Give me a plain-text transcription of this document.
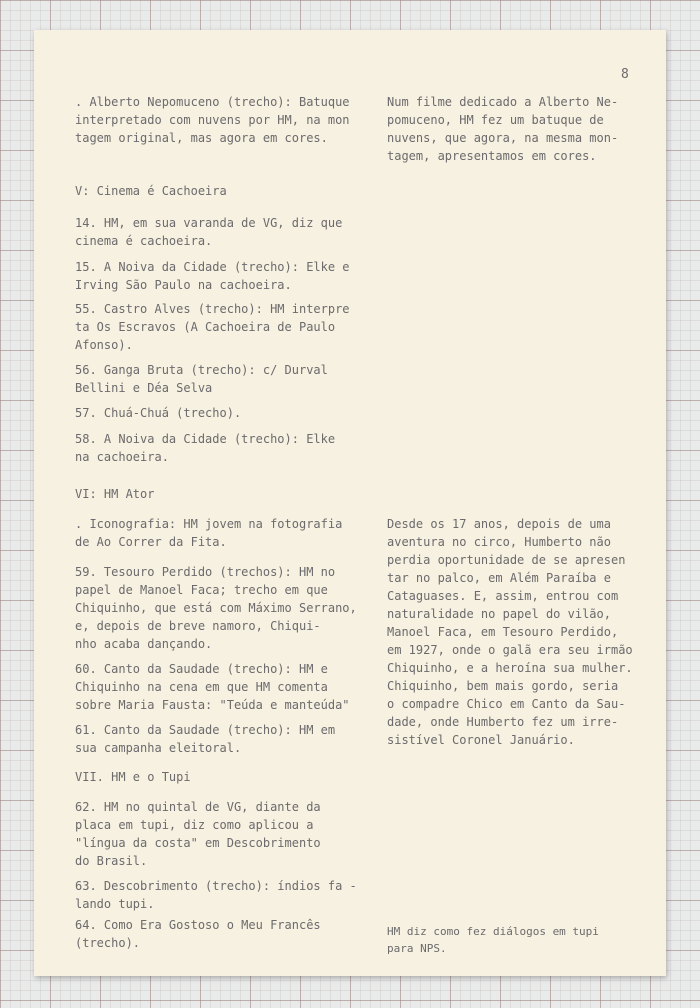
8
. Alberto Nepomuceno (trecho): Batuque
interpretado com nuvens por HM, na mon
tagem original, mas agora em cores.
Num filme dedicado a Alberto Ne-
pomuceno, HM fez um batuque de
nuvens, que agora, na mesma mon-
tagem, apresentamos em cores.
V: Cinema é Cachoeira
14. HM, em sua varanda de VG, diz que
cinema é cachoeira.
15. A Noiva da Cidade (trecho): Elke e
Irving São Paulo na cachoeira.
55. Castro Alves (trecho): HM interpre
ta Os Escravos (A Cachoeira de Paulo
Afonso).
56. Ganga Bruta (trecho): c/ Durval
Bellini e Déa Selva
57. Chuá-Chuá (trecho).
58. A Noiva da Cidade (trecho): Elke
na cachoeira.
VI: HM Ator
. Iconografia: HM jovem na fotografia
de Ao Correr da Fita.
Desde os 17 anos, depois de uma
aventura no circo, Humberto não
perdia oportunidade de se apresen
tar no palco, em Além Paraíba e
Cataguases. E, assim, entrou com
naturalidade no papel do vilão,
Manoel Faca, em Tesouro Perdido,
em 1927, onde o galã era seu irmão
Chiquinho, e a heroína sua mulher.
Chiquinho, bem mais gordo, seria
o compadre Chico em Canto da Sau-
dade, onde Humberto fez um irre-
sistível Coronel Januário.
59. Tesouro Perdido (trechos): HM no
papel de Manoel Faca; trecho em que
Chiquinho, que está com Máximo Serrano,
e, depois de breve namoro, Chiqui-
nho acaba dançando.
60. Canto da Saudade (trecho): HM e
Chiquinho na cena em que HM comenta
sobre Maria Fausta: "Teúda e manteúda"
61. Canto da Saudade (trecho): HM em
sua campanha eleitoral.
VII. HM e o Tupi
62. HM no quintal de VG, diante da
placa em tupi, diz como aplicou a
"língua da costa" em Descobrimento
do Brasil.
63. Descobrimento (trecho): índios fa -
lando tupi.
64. Como Era Gostoso o Meu Francês
(trecho).
HM diz como fez diálogos em tupi
para NPS.
